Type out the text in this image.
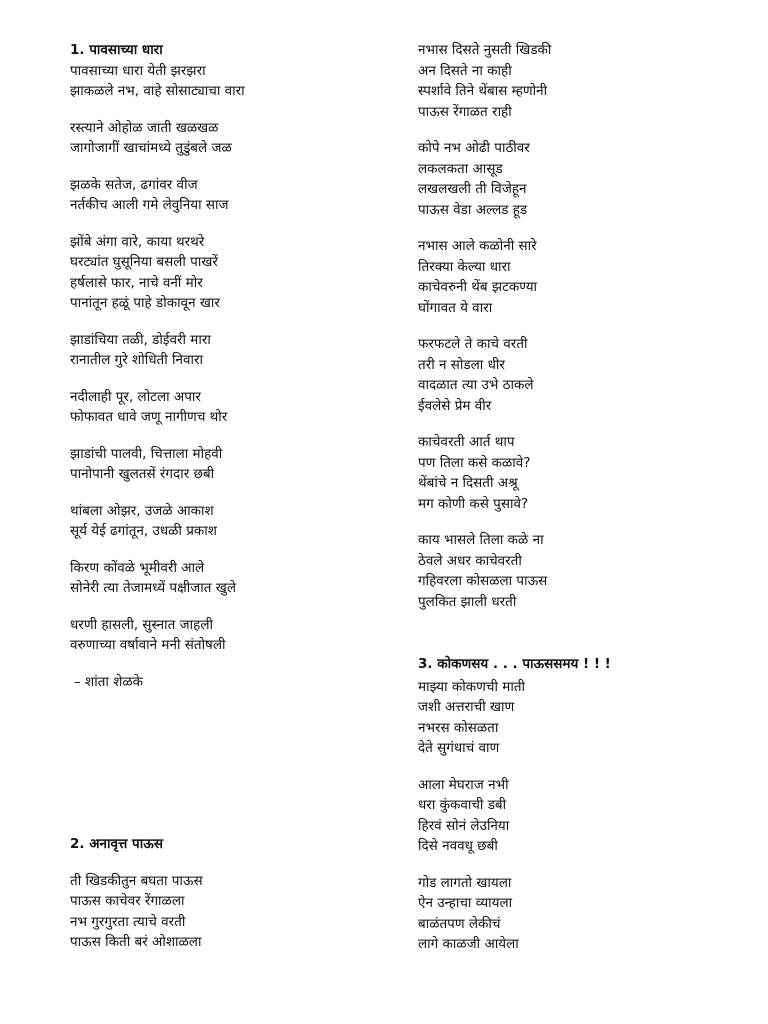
1. पावसाच्या धारा
पावसाच्या धारा येती झरझरा
झाकळले नभ, वाहे सोसाट्याचा वारा
रस्त्याने ओहोळ जाती खळखळ
जागोजागीं खाचांमध्ये तुडुंबले जळ
झळके सतेज, ढगांवर वीज
नर्तकीच आली गमे लेवुनिया साज
झोंबे अंगा वारे, काया थरथरे
घरट्यांत घुसूनिया बसली पाखरें
हर्षलासे फार, नाचे वनीं मोर
पानांतून हळूं पाहे डोकावून खार
झाडांचिया तळी, डोईवरी मारा
रानातील गुरे शोधिती निवारा
नदीलाही पूर, लोटला अपार
फोफावत धावे जणू नागीणच थोर
झाडांची पालवी, चित्ताला मोहवी
पानोपानी खुलतसें रंगदार छबी
थांबला ओझर, उजळे आकाश
सूर्य येई ढगांतून, उधळी प्रकाश
किरण कोंवळे भूमीवरी आले
सोनेरी त्या तेजामध्यें पक्षीजात खुले
धरणी हासली, सुस्नात जाहली
वरुणाच्या वर्षावाने मनी संतोषली
– शांता शेळके
2. अनावृत्त पाऊस
ती खिडकीतुन बघता पाऊस
पाऊस काचेवर रेंगाळला
नभ गुरगुरता त्याचे वरती
पाऊस किती बरं ओशाळला
नभास दिसते नुसती खिडकी
अन दिसते ना काही
स्पर्शावे तिने थेंबास म्हणोनी
पाऊस रेंगाळत राही
कोपे नभ ओढी पाठीवर
लकलकता आसूड
लखलखली ती विजेहून
पाऊस वेडा अल्लड हूड
नभास आले कळोनी सारे
तिरक्या केल्या धारा
काचेवरुनी थेंब झटकण्या
घोंगावत ये वारा
फरफटले ते काचे वरती
तरी न सोडला धीर
वादळात त्या उभे ठाकले
ईवलेसे प्रेम वीर
काचेवरती आर्त थाप
पण तिला कसे कळावे?
थेंबांचे न दिसती अश्रू
मग कोणी कसे पुसावे?
काय भासले तिला कळे ना
ठेवले अधर काचेवरती
गहिवरला कोसळला पाऊस
पुलकित झाली धरती
3. कोकणसय . . . पाऊससमय ! ! !
माझ्या कोकणची माती
जशी अत्तराची खाण
नभरस कोसळता
देते सुगंधाचं वाण
आला मेघराज नभी
धरा कुंकवाची डबी
हिरवं सोनं लेउनिया
दिसे नववधू छबी
गोड लागतो खायला
ऐन उन्हाचा व्यायला
बाळंतपण लेकीचं
लागे काळजी आयेला
